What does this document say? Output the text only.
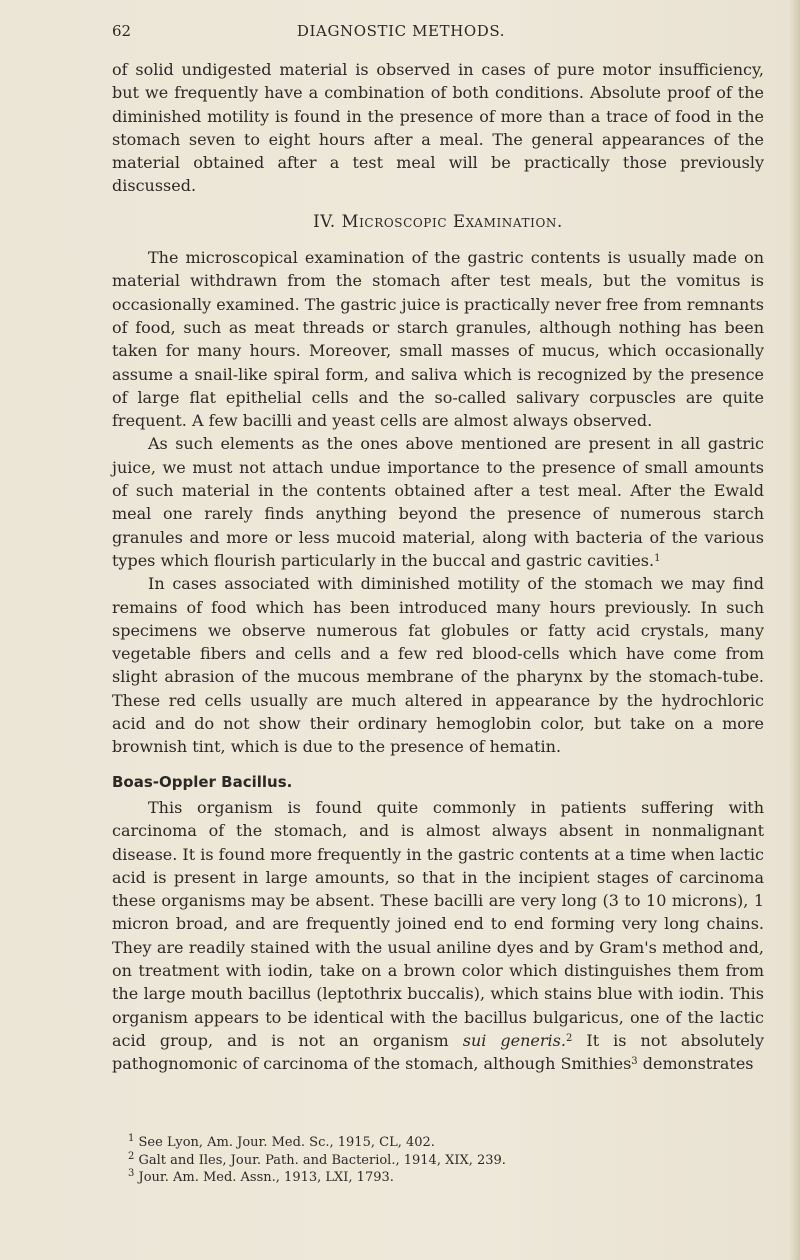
62	DIAGNOSTIC METHODS.

of solid undigested material is observed in cases of pure motor insufficiency, but we frequently have a combination of both conditions. Absolute proof of the diminished motility is found in the presence of more than a trace of food in the stomach seven to eight hours after a meal. The general appearances of the material obtained after a test meal will be practically those previously discussed.

IV. Microscopic Examination.

The microscopical examination of the gastric contents is usually made on material withdrawn from the stomach after test meals, but the vomitus is occasionally examined. The gastric juice is practically never free from remnants of food, such as meat threads or starch granules, although nothing has been taken for many hours. Moreover, small masses of mucus, which occasionally assume a snail-like spiral form, and saliva which is recognized by the presence of large flat epithelial cells and the so-called salivary corpuscles are quite frequent. A few bacilli and yeast cells are almost always observed.

As such elements as the ones above mentioned are present in all gastric juice, we must not attach undue importance to the presence of small amounts of such material in the contents obtained after a test meal. After the Ewald meal one rarely finds anything beyond the presence of numerous starch granules and more or less mucoid material, along with bacteria of the various types which flourish particularly in the buccal and gastric cavities.$^1$

In cases associated with diminished motility of the stomach we may find remains of food which has been introduced many hours previously. In such specimens we observe numerous fat globules or fatty acid crystals, many vegetable fibers and cells and a few red blood-cells which have come from slight abrasion of the mucous membrane of the pharynx by the stomach-tube. These red cells usually are much altered in appearance by the hydrochloric acid and do not show their ordinary hemoglobin color, but take on a more brownish tint, which is due to the presence of hematin.

Boas-Oppler Bacillus.

This organism is found quite commonly in patients suffering with carcinoma of the stomach, and is almost always absent in nonmalignant disease. It is found more frequently in the gastric contents at a time when lactic acid is present in large amounts, so that in the incipient stages of carcinoma these organisms may be absent. These bacilli are very long (3 to 10 microns), 1 micron broad, and are frequently joined end to end forming very long chains. They are readily stained with the usual aniline dyes and by Gram's method and, on treatment with iodin, take on a brown color which distinguishes them from the large mouth bacillus (leptothrix buccalis), which stains blue with iodin. This organism appears to be identical with the bacillus bulgaricus, one of the lactic acid group, and is not an organism sui generis.$^2$ It is not absolutely pathognomonic of carcinoma of the stomach, although Smithies$^3$ demonstrates

$^1$ See Lyon, Am. Jour. Med. Sc., 1915, CL, 402.

$^2$ Galt and Iles, Jour. Path. and Bacteriol., 1914, XIX, 239.

$^3$ Jour. Am. Med. Assn., 1913, LXI, 1793.
